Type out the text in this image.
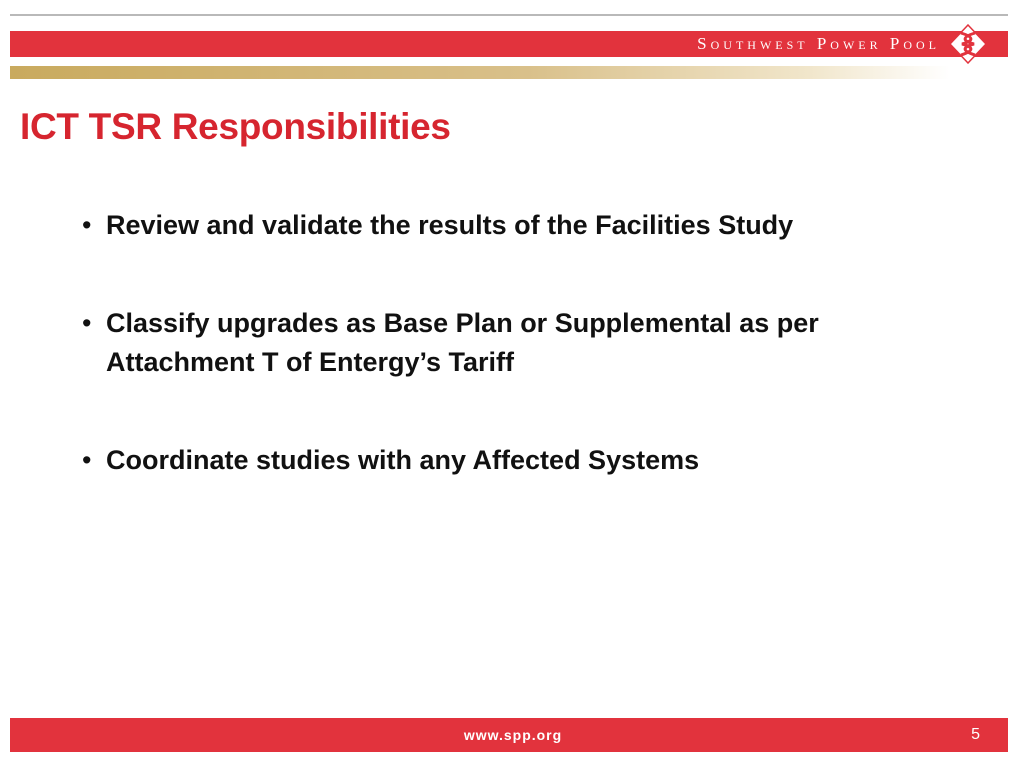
Southwest Power Pool
ICT TSR Responsibilities
• Review and validate the results of the Facilities Study
• Classify upgrades as Base Plan or Supplemental as per Attachment T of Entergy’s Tariff
• Coordinate studies with any Affected Systems
www.spp.org	5
